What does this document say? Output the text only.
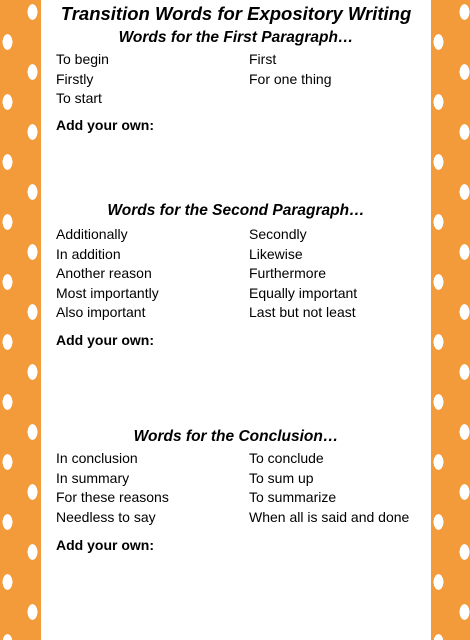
Transition Words for Expository Writing
Words for the First Paragraph…
To begin
Firstly
To start
First
For one thing
Add your own:
Words for the Second Paragraph…
Additionally
In addition
Another reason
Most importantly
Also important
Secondly
Likewise
Furthermore
Equally important
Last but not least
Add your own:
Words for the Conclusion…
In conclusion
In summary
For these reasons
Needless to say
To conclude
To sum up
To summarize
When all is said and done
Add your own:
